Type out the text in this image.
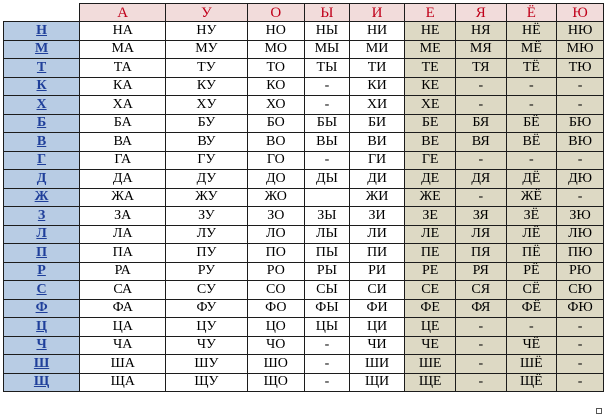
	А	У	О	Ы	И	Е	Я	Ё	Ю
Н	НА	НУ	НО	НЫ	НИ	НЕ	НЯ	НЁ	НЮ
М	МА	МУ	МО	МЫ	МИ	МЕ	МЯ	МЁ	МЮ
Т	ТА	ТУ	ТО	ТЫ	ТИ	ТЕ	ТЯ	ТЁ	ТЮ
К	КА	КУ	КО	-	КИ	КЕ	-	-	-
Х	ХА	ХУ	ХО	-	ХИ	ХЕ	-	-	-
Б	БА	БУ	БО	БЫ	БИ	БЕ	БЯ	БЁ	БЮ
В	ВА	ВУ	ВО	ВЫ	ВИ	ВЕ	ВЯ	ВЁ	ВЮ
Г	ГА	ГУ	ГО	-	ГИ	ГЕ	-	-	-
Д	ДА	ДУ	ДО	ДЫ	ДИ	ДЕ	ДЯ	ДЁ	ДЮ
Ж	ЖА	ЖУ	ЖО		ЖИ	ЖЕ	-	ЖЁ	-
З	ЗА	ЗУ	ЗО	ЗЫ	ЗИ	ЗЕ	ЗЯ	ЗЁ	ЗЮ
Л	ЛА	ЛУ	ЛО	ЛЫ	ЛИ	ЛЕ	ЛЯ	ЛЁ	ЛЮ
П	ПА	ПУ	ПО	ПЫ	ПИ	ПЕ	ПЯ	ПЁ	ПЮ
Р	РА	РУ	РО	РЫ	РИ	РЕ	РЯ	РЁ	РЮ
С	СА	СУ	СО	СЫ	СИ	СЕ	СЯ	СЁ	СЮ
Ф	ФА	ФУ	ФО	ФЫ	ФИ	ФЕ	ФЯ	ФЁ	ФЮ
Ц	ЦА	ЦУ	ЦО	ЦЫ	ЦИ	ЦЕ	-	-	-
Ч	ЧА	ЧУ	ЧО	-	ЧИ	ЧЕ	-	ЧЁ	-
Ш	ША	ШУ	ШО	-	ШИ	ШЕ	-	ШЁ	-
Щ	ЩА	ЩУ	ЩО	-	ЩИ	ЩЕ	-	ЩЁ	-
